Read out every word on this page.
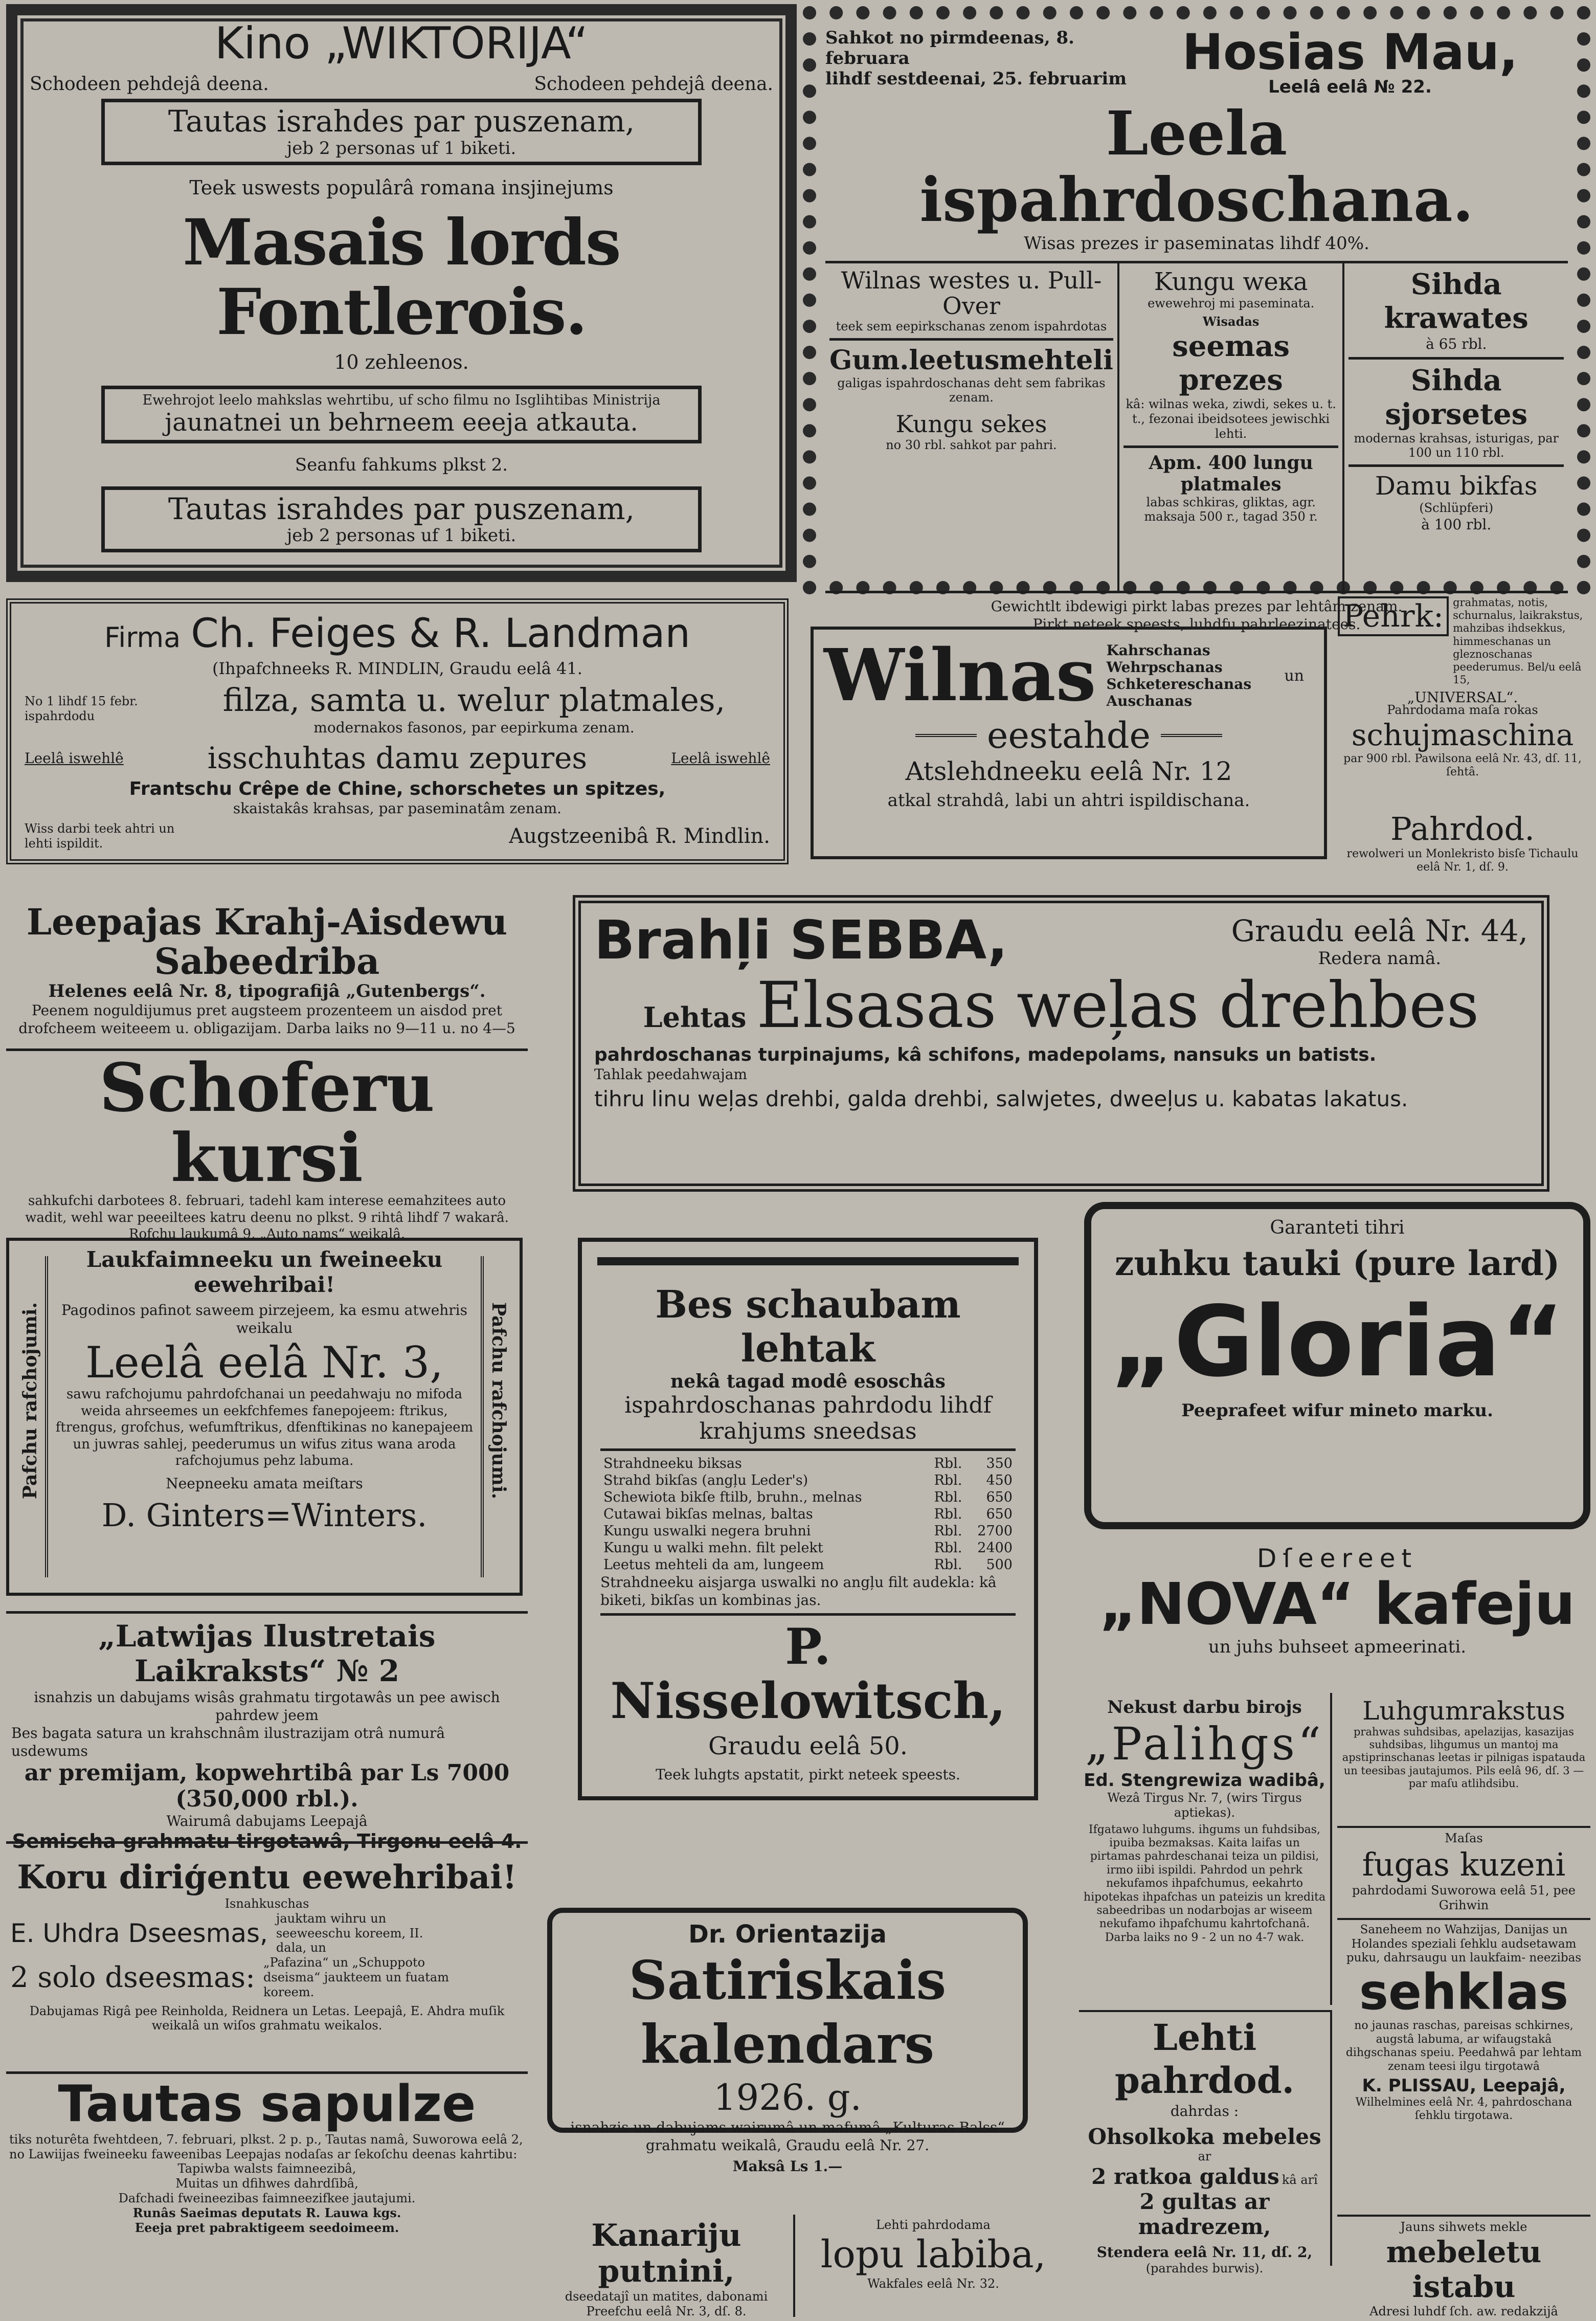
Kino „WIKTORIJA“
Schodeen pehdejâ deena.	Schodeen pehdejâ deena.
Tautas israhdes par puszenam,
jeb 2 personas uf 1 biketi.
Teek uswests populârâ romana insjinejums
Masais lords Fontlerois.
10 zehleenos.
Ewehrojot leelo mahkslas wehrtibu, uf scho filmu no Isglihtibas Ministrija
jaunatnei un behrneem eeeja atkauta.
Seanfu fahkums plkst 2.
Tautas israhdes par puszenam,
jeb 2 personas uf 1 biketi.
Sahkot no pirmdeenas, 8. februara
lihdf sestdeenai, 25. februarim	Hosias Mau,
Leelâ eelâ № 22.
Leela ispahrdoschana.
Wisas prezes ir paseminatas lihdf 40%.
Wilnas westes u. Pull-Over
teek sem eepirkschanas zenom ispahrdotas
Gum.leetusmehteli
galigas ispahrdoschanas deht sem fabrikas zenam.
Kungu sekes
no 30 rbl. sahkot par pahri.
Kungu weĸa
ewewehroj mi paseminata.
Wisadas
seemas prezes
kâ: wilnas weka, ziwdi, sekes u. t. t., fezonai ibeidsotees jewischki lehti.
Apm. 400 lungu platmales
labas schkiras, gliktas, agr. maksaja 500 r., tagad 350 r.
Sihda krawates
à 65 rbl.
Sihda sjorsetes
modernas krahsas, isturigas, par 100 un 110 rbl.
Damu bikfas
(Schlüpferi)
à 100 rbl.
Gewichtlt ibdewigi pirkt labas prezes par lehtâm zenam.
Pirkt neteek speests, luhdfu pahrleezinatees.
Firma Ch. Feiges & R. Landman
(Ihpafchneeks R. MINDLIN, Graudu eelâ 41.
No 1 lihdf 15 febr. ispahrdodu	filza, samta u. welur platmales,
modernakos fasonos, par eepirkuma zenam.
Leelâ iswehlê	isschuhtas damu zepures	Leelâ iswehlê
Frantschu Crêpe de Chine, schorschetes un spitzes,
skaistakâs krahsas, par paseminatâm zenam.
Wiss darbi teek ahtri un lehti ispildit.	Augstzeenibâ R. Mindlin.
Pehrk: grahmatas, notis, schurnalus, laikrakstus, mahzibas ihdsekkus, himmeschanas un gleznoschanas peederumus. Bel/u eelâ 15,
„UNIVERSAL“.
Wilnas Kahrschanas Wehrpschanas Schketereschanas Auschanas
un
eestahde
Atslehdneeku eelâ Nr. 12
atkal strahdâ, labi un ahtri ispildischana.
Pahrdodama maſa rokas
schujmaschina
par 900 rbl. Pawilsona eelâ Nr. 43, dſ. 11, ſehtâ.
Pahrdod.
rewolweri un Monlekristo bisſe Tichaulu eelâ Nr. 1, dſ. 9.
Leepajas Krahj-Aisdewu Sabeedriba
Helenes eelâ Nr. 8, tipografijâ „Gutenbergs“.
Peenem noguldijumus pret augsteem prozenteem un aisdod pret drofcheem weiteeem u. obligazijam. Darba laiks no 9—11 u. no 4—5
Schoferu kursi
sahkufchi darbotees 8. februari, tadehl kam interese eemahzitees auto wadit, wehl war peeeiltees katru deenu no plkst. 9 rihtâ lihdf 7 wakarâ. Rofchu laukumâ 9, „Auto nams“ weikalâ.
Brahļi SEBBA,	Graudu eelâ Nr. 44,
Redera namâ.
Lehtas Elsasas weļas drehbes
pahrdoschanas turpinajums, kâ schifons, madepolams, nansuks un batists.
Tahlak peedahwajam
tihru linu weļas drehbi, galda drehbi, salwjetes, dweeļus u. kabatas lakatus.
Pafchu rafchojumi.	Pafchu rafchojumi.
Laukfaimneeku un fweineeku eewehribai!
Pagodinos pafinot saweem pirzejeem, ka esmu atwehris weikalu
Leelâ eelâ Nr. 3,
sawu rafchojumu pahrdofchanai un peedahwaju no mifoda weida ahrseemes un eekfchfemes fanepojeem: ftrikus, ftrengus, grofchus, wefumftrikus, dfenftikinas no kanepajeem un juwras sahlej, peederumus un wifus zitus wana aroda rafchojumus pehz labuma.
Neepneeku amata meiſtars
D. Ginters=Winters.
Bes schaubam lehtak
nekâ tagad modê esoschâs
ispahrdoschanas pahrdodu lihdf krahjums sneedsas
Strahdneeku biksas	Rbl.	350
Strahd bikſas (angļu Leder's)	Rbl.	450
Schewiota bikſe ftilb, bruhn., melnas	Rbl.	650
Cutawai bikſas melnas, baltas	Rbl.	650
Kungu uswalki negera bruhni	Rbl.	2700
Kungu u walki mehn. filt pelekt	Rbl.	2400
Leetus mehteli da am, lungeem	Rbl.	500
Strahdneeku aisjarga uswalki no angļu filt audekla: kâ biketi, bikſas un kombinas jas.
P. Nisselowitsch,
Graudu eelâ 50.
Teek luhgts apstatit, pirkt neteek speests.
Garanteti tihri
zuhku tauki (pure lard)
„Gloria“
Peeprafeet wifur mineto marku.
„Latwijas Ilustretais Laikraksts“ № 2
isnahzis un dabujams wisâs grahmatu tirgotawâs un pee awisch pahrdew jeem
Bes bagata satura un krahschnâm ilustrazijam otrâ numurâ usdewums
ar premijam, kopwehrtibâ par Ls 7000 (350,000 rbl.).
Wairumâ dabujams Leepajâ
Semischa grahmatu tirgotawâ, Tirgonu eelâ 4.
Dſeereet
„NOVA“ kafeju
un juhs buhseet apmeerinati.
Koru diriģentu eewehribai!
Isnahkuschas
E. Uhdra Dseesmas,
jauktam wihru un seeweeschu koreem, II. dala, un
2 solo dseesmas: „Pafazina“ un „Schuppoto dseisma“ jaukteem un fuatam koreem.
Dabujamas Rigâ pee Reinholda, Reidnera un Letas. Leepajâ, E. Ahdra muſik weikalâ un wiſos grahmatu weikalos.
Dr. Orientazija
Satiriskais kalendars
1926. g.
isnahzis un dabujams wairumâ un mafumâ „Kulturas Balss“ grahmatu weikalâ, Graudu eelâ Nr. 27.
Maksâ Ls 1.—
Nekust darbu birojs
„Palihgs“
Ed. Stengrewiza wadibâ,
Wezâ Tirgus Nr. 7, (wirs Tirgus aptiekas).
Ifgatawo luhgums. ihgums un fuhdsibas, ipuiba bezmaksas. Kaita laifas un pirtamas pahrdeschanai teiza un pildisi, irmo iibi ispildi. Pahrdod un pehrk nekufamos ihpafchumus, eekahrto hipotekas ihpafchas un pateizis un kredita sabeedribas un nodarbojas ar wiseem nekufamo ihpafchumu kahrtofchanâ. Darba laiks no 9 - 2 un no 4-7 wak.
Luhgumrakstus
prahwas suhdsibas, apelazijas, kasazijas suhdsibas, lihgumus un mantoj ma apstiprinschanas leetas ir pilnigas ispatauda un teesibas jautajumos. Pils eelâ 96, dſ. 3 — par maſu atlihdsibu.
Maſas
fugas kuzeni
pahrdodami Suworowa eelâ 51, pee Grihwin
Saneheem no Wahzijas, Danijas un Holandes speziali ſehklu audsetawam puku, dahrsaugu un laukfaim- neezibas
sehklas
no jaunas raschas, pareisas schkirnes, augstâ labuma, ar wifaugstakâ dihgschanas speiu. Peedahwâ par lehtam zenam teesi ilgu tirgotawâ
K. PLISSAU, Leepajâ,
Wilhelmines eelâ Nr. 4, pahrdoschana ſehklu tirgotawa.
Lehti pahrdod.
dahrdas :
Ohsolkoka mebeles ar
2 ratkoa galdus kâ arî
2 gultas ar madrezem,
Stendera eelâ Nr. 11, dſ. 2,
(parahdes burwis).
Tautas sapulze
tiks noturêta fwehtdeen, 7. februari, plkst. 2 p. p., Tautas namâ, Suworowa eelâ 2, no Lawiijas fweineeku faweenibas Leepajas nodaſas ar ſekoſchu deenas kahrtibu:
Tapiwba walsts faimneezibâ,
Muitas un dfihwes dahrdſibâ,
Dafchadi fweineezibas faimneezifkee jautajumi.
Runâs Saeimas deputats R. Lauwa kgs.
Eeeja pret pabraktigeem seedoimeem.	Kanariju putnini,
dseedatajî un matites, dabonami Preefchu eelâ Nr. 3, dſ. 8.
Lehti pahrdodama
lopu labiba,
Wakfales eelâ Nr. 32.
Jauns sihwets mekle
mebeletu istabu
Adresi luhdf ſch. aw. redakzijâ
